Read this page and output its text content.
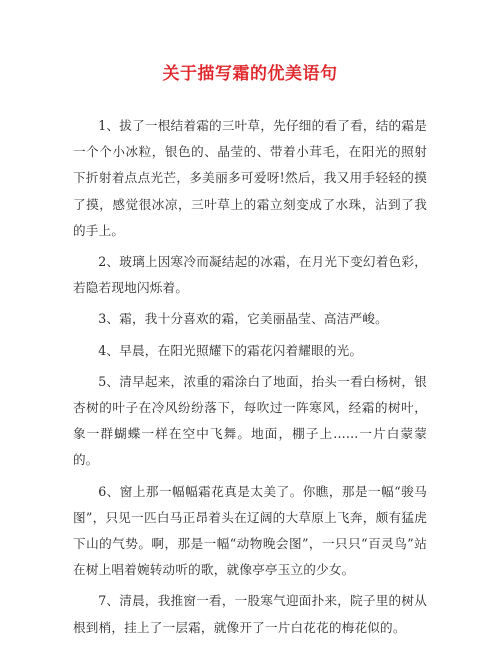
关于描写霜的优美语句

1、拔了一根结着霜的三叶草，先仔细的看了看，结的霜是一个个小冰粒，银色的、晶莹的、带着小茸毛，在阳光的照射下折射着点点光芒，多美丽多可爱呀!然后，我又用手轻轻的摸了摸，感觉很冰凉，三叶草上的霜立刻变成了水珠，沾到了我的手上。

2、玻璃上因寒冷而凝结起的冰霜，在月光下变幻着色彩，若隐若现地闪烁着。

3、霜，我十分喜欢的霜，它美丽晶莹、高洁严峻。

4、早晨，在阳光照耀下的霜花闪着耀眼的光。

5、清早起来，浓重的霜涂白了地面，抬头一看白杨树，银杏树的叶子在冷风纷纷落下，每吹过一阵寒风，经霜的树叶，象一群蝴蝶一样在空中飞舞。地面，棚子上......一片白蒙蒙的。

6、窗上那一幅幅霜花真是太美了。你瞧，那是一幅“骏马图”，只见一匹白马正昂着头在辽阔的大草原上飞奔，颇有猛虎下山的气势。啊，那是一幅“动物晚会图”，一只只“百灵鸟”站在树上唱着婉转动听的歌，就像亭亭玉立的少女。

7、清晨，我推窗一看，一股寒气迎面扑来，院子里的树从根到梢，挂上了一层霜，就像开了一片白花花的梅花似的。
